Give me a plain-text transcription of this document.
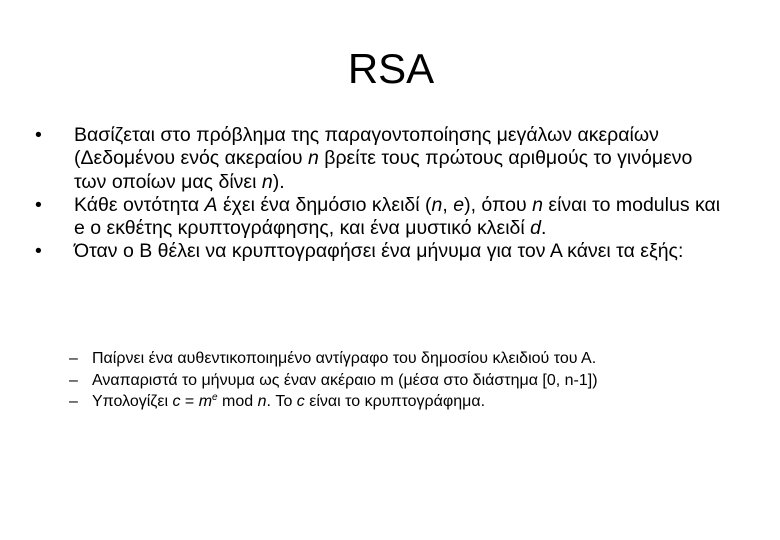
RSA
• Βασίζεται στο πρόβλημα της παραγοντοποίησης μεγάλων ακεραίων (Δεδομένου ενός ακεραίου n βρείτε τους πρώτους αριθμούς το γινόμενο των οποίων μας δίνει n).
• Κάθε οντότητα A έχει ένα δημόσιο κλειδί (n, e), όπου n είναι το modulus και e ο εκθέτης κρυπτογράφησης, και ένα μυστικό κλειδί d.
• Όταν ο Β θέλει να κρυπτογραφήσει ένα μήνυμα για τον Α κάνει τα εξής:
– Παίρνει ένα αυθεντικοποιημένο αντίγραφο του δημοσίου κλειδιού του Α.
– Αναπαριστά το μήνυμα ως έναν ακέραιο m (μέσα στο διάστημα [0, n-1])
– Υπολογίζει $c = m^e$ mod n. Το c είναι το κρυπτογράφημα.
